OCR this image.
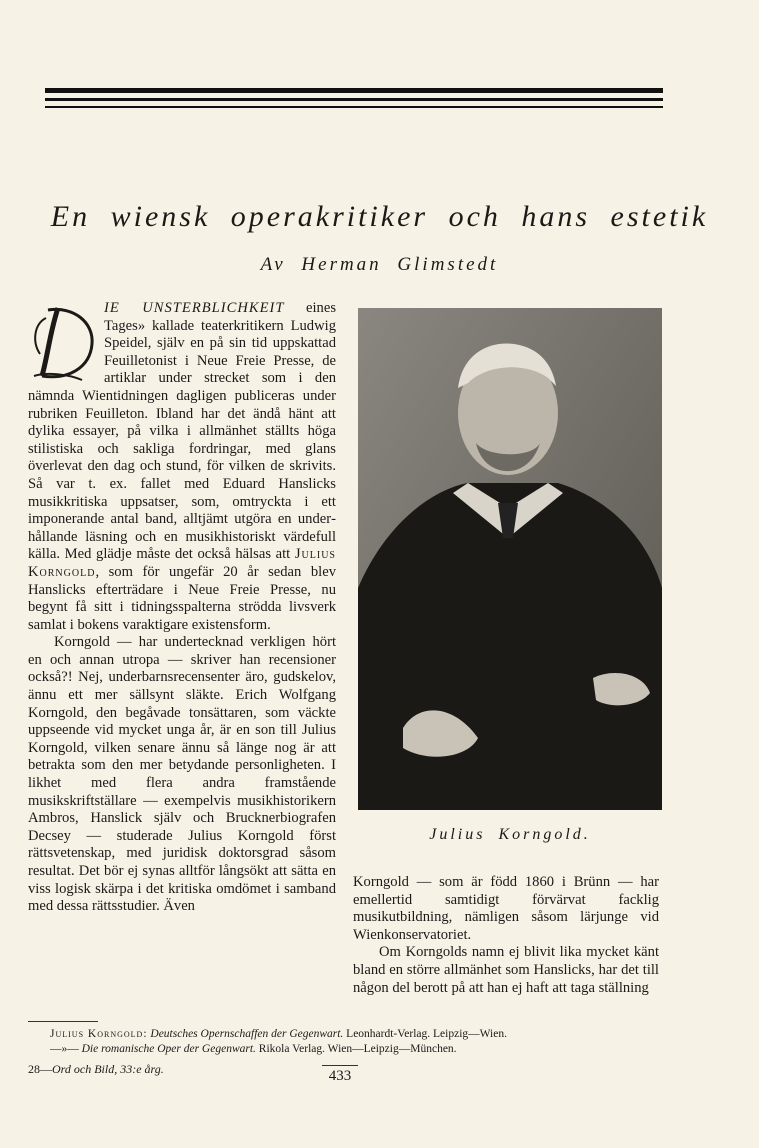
En wiensk operakritiker och hans estetik
Av Herman Glimstedt
D

IE UNSTERBLICHKEIT eines Tages» kallade teaterkritikern Ludwig Speidel, själv en på sin tid uppskattad Feuilletonist i Neue Freie Presse, de artiklar under strecket som i den nämnda Wientidningen dagligen publiceras under rubriken Feuilleton. Ibland har det ändå hänt att dylika essayer, på vilka i allmänhet ställts höga stilistiska och sakliga fordringar, med glans överlevat den dag och stund, för vilken de skrivits. Så var t. ex. fallet med Eduard Hanslicks musikkritiska uppsatser, som, omtryckta i ett imponerande antal band, alltjämt utgöra en underhållande läsning och en musikhistoriskt värdefull källa. Med glädje måste det också hälsas att Julius Korngold, som för ungefär 20 år sedan blev Hanslicks efterträdare i Neue Freie Presse, nu begynt få sitt i tidningsspalterna strödda livsverk samlat i bokens varaktigare existensform.

Korngold — har undertecknad verkligen hört en och annan utropa — skriver han recensioner också?! Nej, underbarnsrecensenter äro, gudskelov, ännu ett mer sällsynt släkte. Erich Wolfgang Korngold, den begåvade tonsättaren, som väckte uppseende vid mycket unga år, är en son till Julius Korngold, vilken senare ännu så länge nog är att betrakta som den mer betydande personligheten. I likhet med flera andra framstående musikskriftställare — exempelvis musikhistorikern Ambros, Hanslick själv och Brucknerbiografen Decsey — studerade Julius Korngold först rättsvetenskap, med juridisk doktorsgrad såsom resultat. Det bör ej synas alltför långsökt att sätta en viss logisk skärpa i det kritiska omdömet i samband med dessa rättsstudier. Även

Julius Korngold.

Korngold — som är född 1860 i Brünn — har emellertid samtidigt förvärvat facklig musikutbildning, nämligen såsom lärjunge vid Wienkonservatoriet.

Om Korngolds namn ej blivit lika mycket känt bland en större allmänhet som Hanslicks, har det till någon del berott på att han ej haft att taga ställning

Julius Korngold: Deutsches Opernschaffen der Gegenwart. Leonhardt-Verlag. Leipzig—Wien.
—»— Die romanische Oper der Gegenwart. Rikola Verlag. Wien—Leipzig—München.
28—Ord och Bild, 33:e årg.	433
